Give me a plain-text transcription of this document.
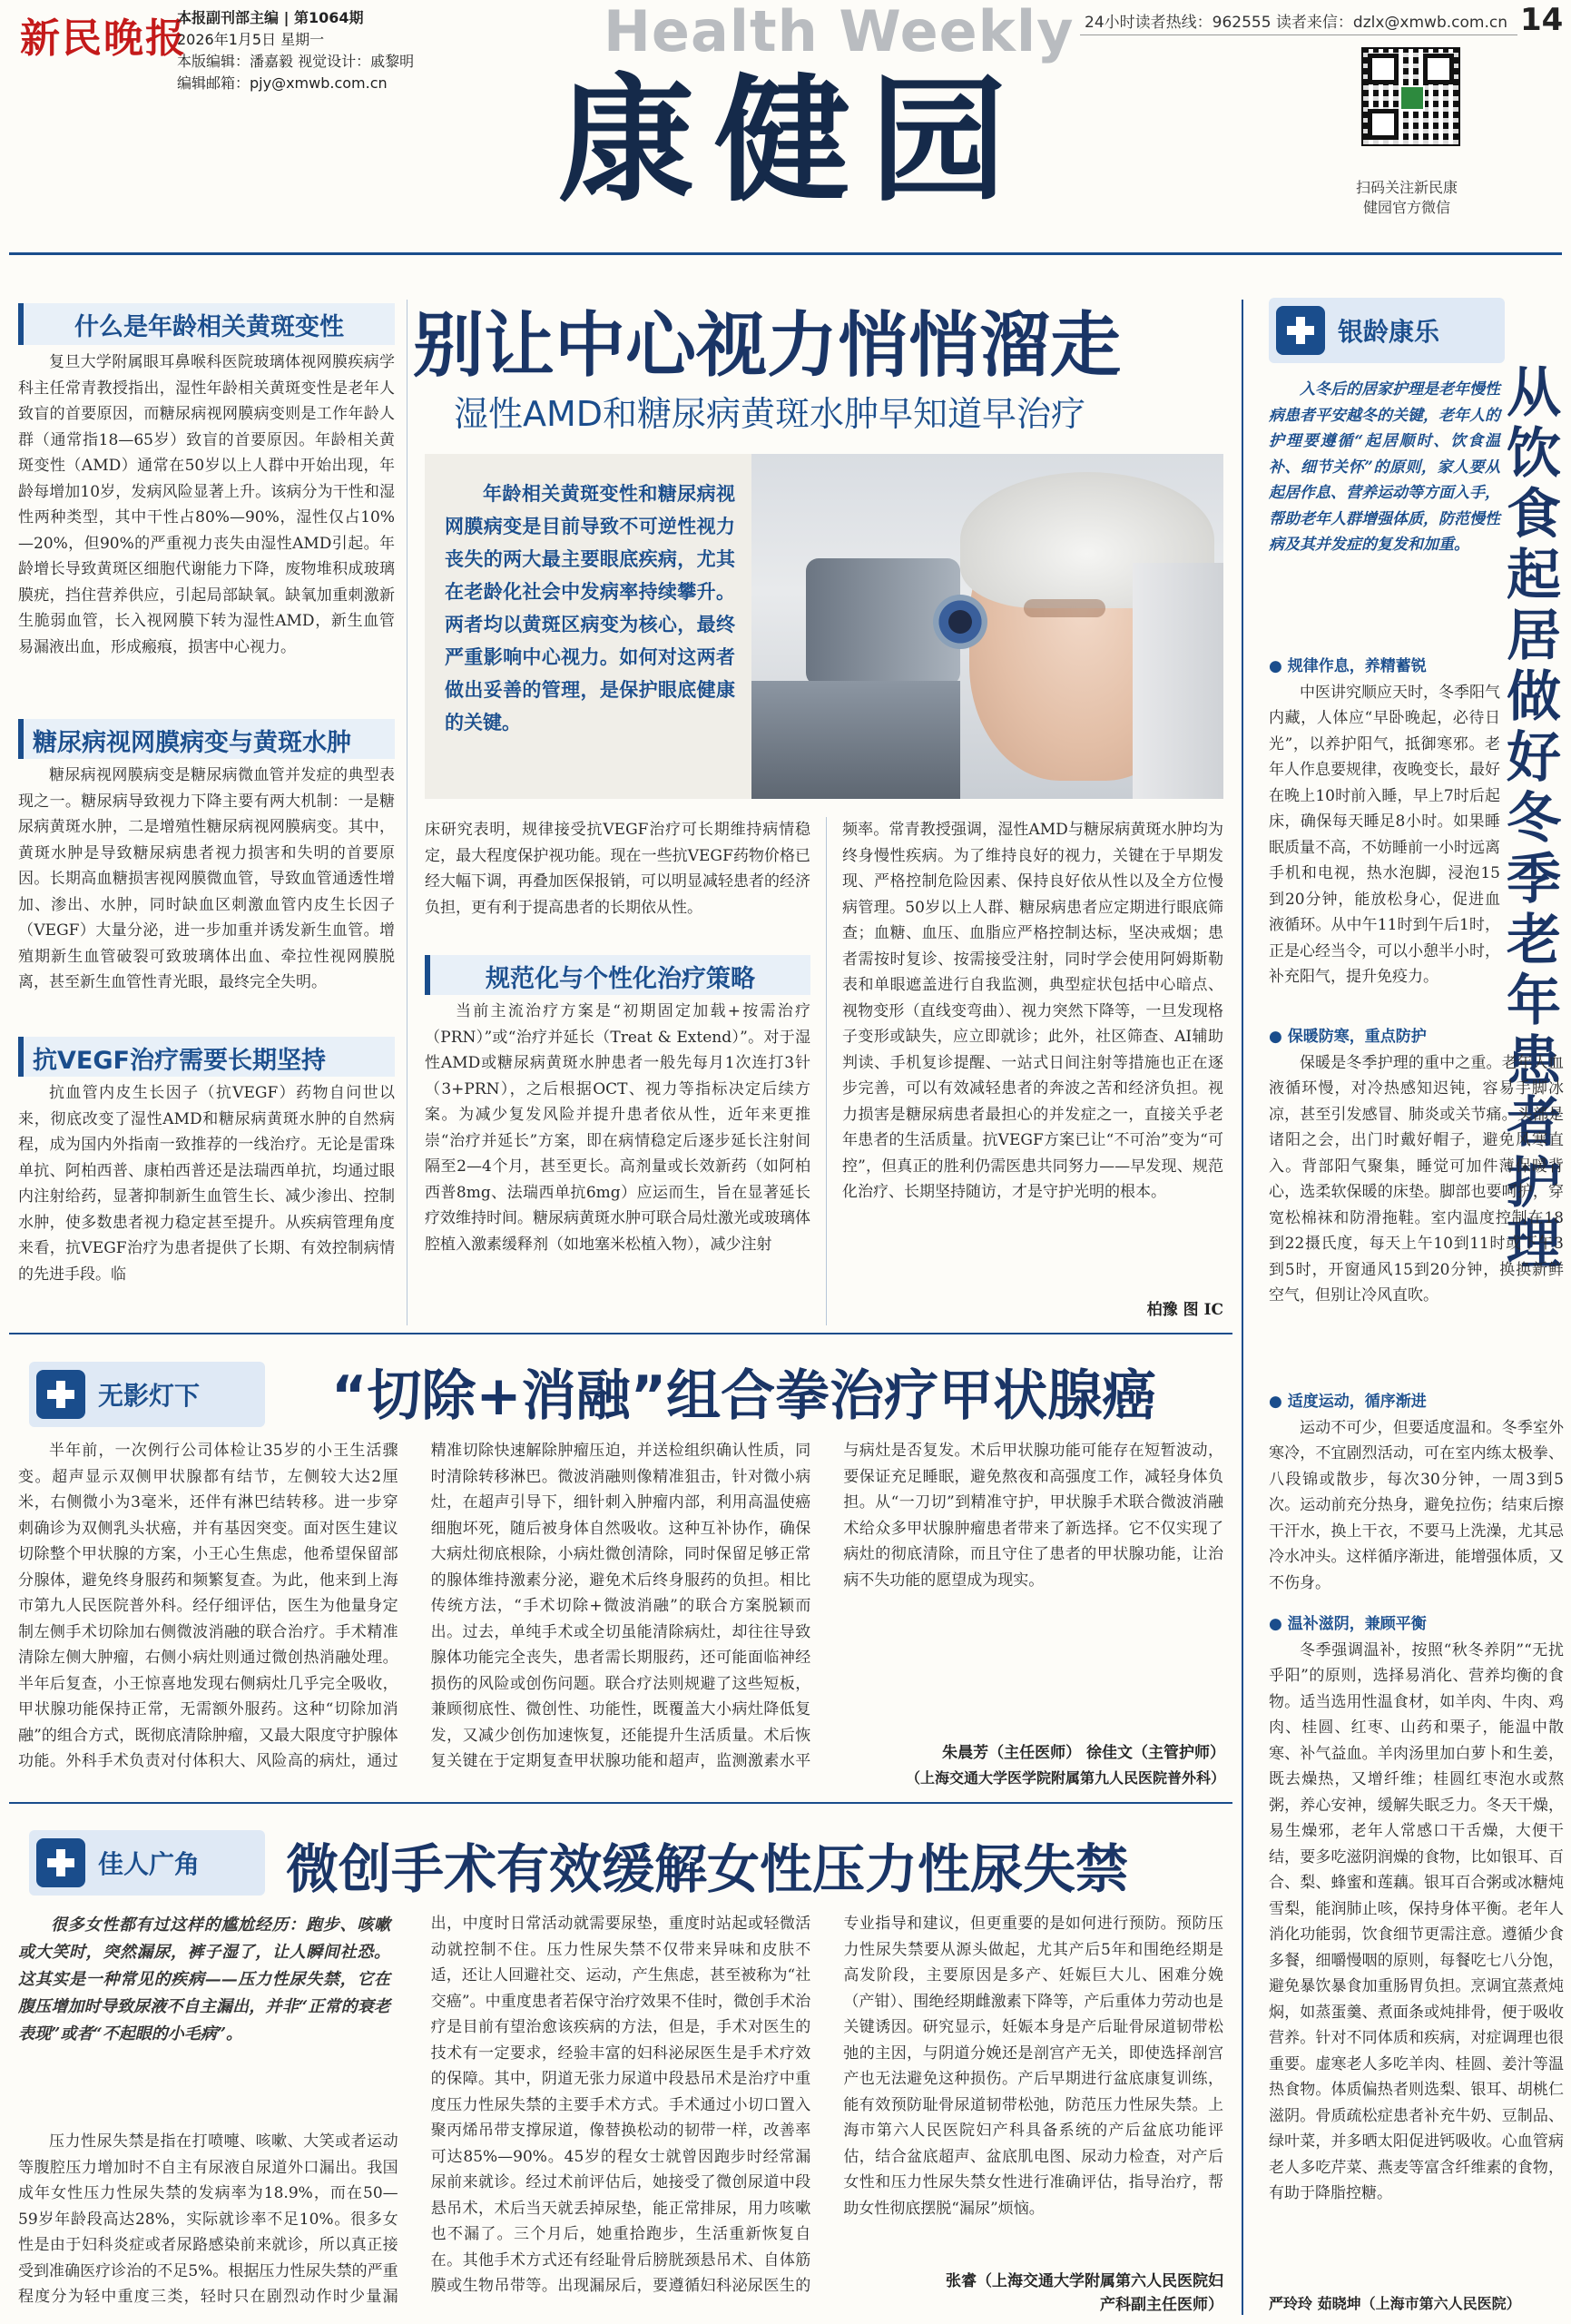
新民晚报
本报副刊部主编 | 第1064期
2026年1月5日 星期一
本版编辑：潘嘉毅 视觉设计：戚黎明
编辑邮箱：pjy@xmwb.com.cn
Health Weekly
康健园
24小时读者热线：962555 读者来信：dzlx@xmwb.com.cn 14
扫码关注新民康健园官方微信
别让中心视力悄悄溜走
湿性AMD和糖尿病黄斑水肿早知道早治疗
什么是年龄相关黄斑变性

复旦大学附属眼耳鼻喉科医院玻璃体视网膜疾病学科主任常青教授指出，湿性年龄相关黄斑变性是老年人致盲的首要原因，而糖尿病视网膜病变则是工作年龄人群（通常指18—65岁）致盲的首要原因。年龄相关黄斑变性（AMD）通常在50岁以上人群中开始出现，年龄每增加10岁，发病风险显著上升。该病分为干性和湿性两种类型，其中干性占80%—90%，湿性仅占10%—20%，但90%的严重视力丧失由湿性AMD引起。年龄增长导致黄斑区细胞代谢能力下降，废物堆积成玻璃膜疣，挡住营养供应，引起局部缺氧。缺氧加重刺激新生脆弱血管，长入视网膜下转为湿性AMD，新生血管易漏液出血，形成瘢痕，损害中心视力。

糖尿病视网膜病变与黄斑水肿

糖尿病视网膜病变是糖尿病微血管并发症的典型表现之一。糖尿病导致视力下降主要有两大机制：一是糖尿病黄斑水肿，二是增殖性糖尿病视网膜病变。其中，黄斑水肿是导致糖尿病患者视力损害和失明的首要原因。长期高血糖损害视网膜微血管，导致血管通透性增加、渗出、水肿，同时缺血区刺激血管内皮生长因子（VEGF）大量分泌，进一步加重并诱发新生血管。增殖期新生血管破裂可致玻璃体出血、牵拉性视网膜脱离，甚至新生血管性青光眼，最终完全失明。

抗VEGF治疗需要长期坚持

抗血管内皮生长因子（抗VEGF）药物自问世以来，彻底改变了湿性AMD和糖尿病黄斑水肿的自然病程，成为国内外指南一致推荐的一线治疗。无论是雷珠单抗、阿柏西普、康柏西普还是法瑞西单抗，均通过眼内注射给药，显著抑制新生血管生长、减少渗出、控制水肿，使多数患者视力稳定甚至提升。从疾病管理角度来看，抗VEGF治疗为患者提供了长期、有效控制病情的先进手段。临

年龄相关黄斑变性和糖尿病视网膜病变是目前导致不可逆性视力丧失的两大最主要眼底疾病，尤其在老龄化社会中发病率持续攀升。两者均以黄斑区病变为核心，最终严重影响中心视力。如何对这两者做出妥善的管理，是保护眼底健康的关键。

床研究表明，规律接受抗VEGF治疗可长期维持病情稳定，最大程度保护视功能。现在一些抗VEGF药物价格已经大幅下调，再叠加医保报销，可以明显减轻患者的经济负担，更有利于提高患者的长期依从性。

规范化与个性化治疗策略

当前主流治疗方案是“初期固定加载+按需治疗（PRN）”或“治疗并延长（Treat & Extend）”。对于湿性AMD或糖尿病黄斑水肿患者一般先每月1次连打3针（3+PRN），之后根据OCT、视力等指标决定后续方案。为减少复发风险并提升患者依从性，近年来更推崇“治疗并延长”方案，即在病情稳定后逐步延长注射间隔至2—4个月，甚至更长。高剂量或长效新药（如阿柏西普8mg、法瑞西单抗6mg）应运而生，旨在显著延长疗效维持时间。糖尿病黄斑水肿可联合局灶激光或玻璃体腔植入激素缓释剂（如地塞米松植入物），减少注射

频率。常青教授强调，湿性AMD与糖尿病黄斑水肿均为终身慢性疾病。为了维持良好的视力，关键在于早期发现、严格控制危险因素、保持良好依从性以及全方位慢病管理。50岁以上人群、糖尿病患者应定期进行眼底筛查；血糖、血压、血脂应严格控制达标，坚决戒烟；患者需按时复诊、按需接受注射，同时学会使用阿姆斯勒表和单眼遮盖进行自我监测，典型症状包括中心暗点、视物变形（直线变弯曲）、视力突然下降等，一旦发现格子变形或缺失，应立即就诊；此外，社区筛查、AI辅助判读、手机复诊提醒、一站式日间注射等措施也正在逐步完善，可以有效减轻患者的奔波之苦和经济负担。视力损害是糖尿病患者最担心的并发症之一，直接关乎老年患者的生活质量。抗VEGF方案已让“不可治”变为“可控”，但真正的胜利仍需医患共同努力——早发现、规范化治疗、长期坚持随访，才是守护光明的根本。

柏豫 图 IC
无影灯下 “切除+消融”组合拳治疗甲状腺癌

半年前，一次例行公司体检让35岁的小王生活骤变。超声显示双侧甲状腺都有结节，左侧较大达2厘米，右侧微小为3毫米，还伴有淋巴结转移。进一步穿刺确诊为双侧乳头状癌，并有基因突变。面对医生建议切除整个甲状腺的方案，小王心生焦虑，他希望保留部分腺体，避免终身服药和频繁复查。为此，他来到上海市第九人民医院普外科。经仔细评估，医生为他量身定制左侧手术切除加右侧微波消融的联合治疗。手术精准清除左侧大肿瘤，右侧小病灶则通过微创热消融处理。半年后复查，小王惊喜地发现右侧病灶几乎完全吸收，甲状腺功能保持正常，无需额外服药。这种“切除加消融”的组合方式，既彻底清除肿瘤，又最大限度守护腺体功能。外科手术负责对付体积大、风险高的病灶，通过精准切除快速解除肿瘤压迫，并送检组织确认性质，同时清除转移淋巴。微波消融则像精准狙击，针对微小病灶，在超声引导下，细针刺入肿瘤内部，利用高温使癌细胞坏死，随后被身体自然吸收。这种互补协作，确保大病灶彻底根除，小病灶微创清除，同时保留足够正常的腺体维持激素分泌，避免术后终身服药的负担。相比传统方法，“手术切除+微波消融”的联合方案脱颖而出。过去，单纯手术或全切虽能清除病灶，却往往导致腺体功能完全丧失，患者需长期服药，还可能面临神经损伤的风险或创伤问题。联合疗法则规避了这些短板，兼顾彻底性、微创性、功能性，既覆盖大小病灶降低复发，又减少创伤加速恢复，还能提升生活质量。术后恢复关键在于定期复查甲状腺功能和超声，监测激素水平与病灶是否复发。术后甲状腺功能可能存在短暂波动，要保证充足睡眠，避免熬夜和高强度工作，减轻身体负担。从“一刀切”到精准守护，甲状腺手术联合微波消融术给众多甲状腺肿瘤患者带来了新选择。它不仅实现了病灶的彻底清除，而且守住了患者的甲状腺功能，让治病不失功能的愿望成为现实。

朱晨芳（主任医师） 徐佳文（主管护师）
（上海交通大学医学院附属第九人民医院普外科）
佳人广角 微创手术有效缓解女性压力性尿失禁
很多女性都有过这样的尴尬经历：跑步、咳嗽或大笑时，突然漏尿，裤子湿了，让人瞬间社恐。这其实是一种常见的疾病——压力性尿失禁，它在腹压增加时导致尿液不自主漏出，并非“正常的衰老表现”或者“不起眼的小毛病”。

压力性尿失禁是指在打喷嚏、咳嗽、大笑或者运动等腹腔压力增加时不自主有尿液自尿道外口漏出。我国成年女性压力性尿失禁的发病率为18.9%，而在50—59岁年龄段高达28%，实际就诊率不足10%。很多女性是由于妇科炎症或者尿路感染前来就诊，所以真正接受到准确医疗诊治的不足5%。根据压力性尿失禁的严重程度分为轻中重度三类，轻时只在剧烈动作时少量漏出，中度时日常活动就需要尿垫，重度时站起或轻微活动就控制不住。压力性尿失禁不仅带来异味和皮肤不适，还让人回避社交、运动，产生焦虑，甚至被称为“社交癌”。中重度患者若保守治疗效果不佳时，微创手术治疗是目前有望治愈该疾病的方法，但是，手术对医生的技术有一定要求，经验丰富的妇科泌尿医生是手术疗效的保障。其中，阴道无张力尿道中段悬吊术是治疗中重度压力性尿失禁的主要手术方式。手术通过小切口置入聚丙烯吊带支撑尿道，像替换松动的韧带一样，改善率可达85%—90%。45岁的程女士就曾因跑步时经常漏尿前来就诊。经过术前评估后，她接受了微创尿道中段悬吊术，术后当天就丢掉尿垫，能正常排尿，用力咳嗽也不漏了。三个月后，她重拾跑步，生活重新恢复自在。其他手术方式还有经耻骨后膀胱颈悬吊术、自体筋膜或生物吊带等。出现漏尿后，要遵循妇科泌尿医生的专业指导和建议，但更重要的是如何进行预防。预防压力性尿失禁要从源头做起，尤其产后5年和围绝经期是高发阶段，主要原因是多产、妊娠巨大儿、困难分娩（产钳）、围绝经期雌激素下降等，产后重体力劳动也是关键诱因。研究显示，妊娠本身是产后耻骨尿道韧带松弛的主因，与阴道分娩还是剖宫产无关，即使选择剖宫产也无法避免这种损伤。产后早期进行盆底康复训练，能有效预防耻骨尿道韧带松弛，防范压力性尿失禁。上海市第六人民医院妇产科具备系统的产后盆底功能评估，结合盆底超声、盆底肌电图、尿动力检查，对产后女性和压力性尿失禁女性进行准确评估，指导治疗，帮助女性彻底摆脱“漏尿”烦恼。

张睿（上海交通大学附属第六人民医院妇
产科副主任医师）
银龄康乐
入冬后的居家护理是老年慢性病患者平安越冬的关键，老年人的护理要遵循“起居顺时、饮食温补、细节关怀”的原则，家人要从起居作息、营养运动等方面入手，帮助老年人群增强体质，防范慢性病及其并发症的复发和加重。
从饮食起居做好冬季老年患者护理
● 规律作息，养精蓄锐

中医讲究顺应天时，冬季阳气内藏，人体应“早卧晚起，必待日光”，以养护阳气，抵御寒邪。老年人作息要规律，夜晚变长，最好在晚上10时前入睡，早上7时后起床，确保每天睡足8小时。如果睡眠质量不高，不妨睡前一小时远离手机和电视，热水泡脚，浸泡15到20分钟，能放松身心，促进血液循环。从中午11时到午后1时，正是心经当令，可以小憩半小时，补充阳气，提升免疫力。

● 保暖防寒，重点防护

保暖是冬季护理的重中之重。老年人血液循环慢，对冷热感知迟钝，容易手脚冰凉，甚至引发感冒、肺炎或关节痛。头部是诸阳之会，出门时戴好帽子，避免风寒直入。背部阳气聚集，睡觉可加件薄保暖背心，选柔软保暖的床垫。脚部也要呵护，穿宽松棉袜和防滑拖鞋。室内温度控制在18到22摄氏度，每天上午10到11时或下午3到5时，开窗通风15到20分钟，换换新鲜空气，但别让冷风直吹。

● 适度运动，循序渐进

运动不可少，但要适度温和。冬季室外寒冷，不宜剧烈活动，可在室内练太极拳、八段锦或散步，每次30分钟，一周3到5次。运动前充分热身，避免拉伤；结束后擦干汗水，换上干衣，不要马上洗澡，尤其忌冷水冲头。这样循序渐进，能增强体质，又不伤身。

● 温补滋阴，兼顾平衡

冬季强调温补，按照“秋冬养阴”“无扰乎阳”的原则，选择易消化、营养均衡的食物。适当选用性温食材，如羊肉、牛肉、鸡肉、桂圆、红枣、山药和栗子，能温中散寒、补气益血。羊肉汤里加白萝卜和生姜，既去燥热，又增纤维；桂圆红枣泡水或熬粥，养心安神，缓解失眠乏力。冬天干燥，易生燥邪，老年人常感口干舌燥，大便干结，要多吃滋阴润燥的食物，比如银耳、百合、梨、蜂蜜和莲藕。银耳百合粥或冰糖炖雪梨，能润肺止咳，保持身体平衡。老年人消化功能弱，饮食细节更需注意。遵循少食多餐，细嚼慢咽的原则，每餐吃七八分饱，避免暴饮暴食加重肠胃负担。烹调宜蒸煮炖焖，如蒸蛋羹、煮面条或炖排骨，便于吸收营养。针对不同体质和疾病，对症调理也很重要。虚寒老人多吃羊肉、桂圆、姜汁等温热食物。体质偏热者则选梨、银耳、胡桃仁滋阴。骨质疏松症患者补充牛奶、豆制品、绿叶菜，并多晒太阳促进钙吸收。心血管病老人多吃芹菜、燕麦等富含纤维素的食物，有助于降脂控糖。

严玲玲 茹晓坤（上海市第六人民医院）
